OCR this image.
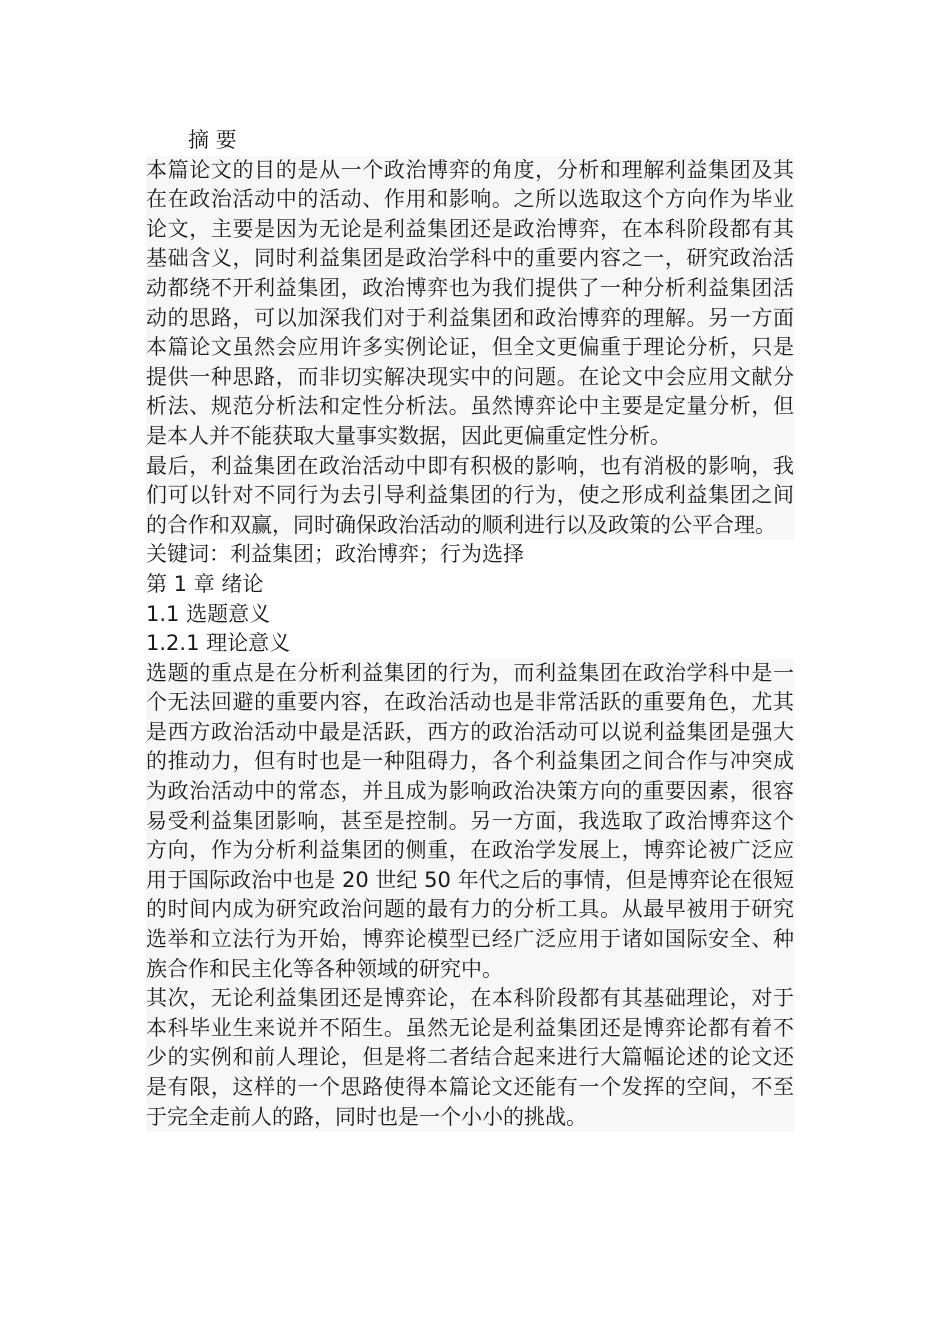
摘 要

本篇论文的目的是从一个政治博弈的角度，分析和理解利益集团及其在在政治活动中的活动、作用和影响。之所以选取这个方向作为毕业论文，主要是因为无论是利益集团还是政治博弈，在本科阶段都有其基础含义，同时利益集团是政治学科中的重要内容之一，研究政治活动都绕不开利益集团，政治博弈也为我们提供了一种分析利益集团活动的思路，可以加深我们对于利益集团和政治博弈的理解。另一方面本篇论文虽然会应用许多实例论证，但全文更偏重于理论分析，只是提供一种思路，而非切实解决现实中的问题。在论文中会应用文献分析法、规范分析法和定性分析法。虽然博弈论中主要是定量分析，但是本人并不能获取大量事实数据，因此更偏重定性分析。

最后，利益集团在政治活动中即有积极的影响，也有消极的影响，我们可以针对不同行为去引导利益集团的行为，使之形成利益集团之间的合作和双赢，同时确保政治活动的顺利进行以及政策的公平合理。

关键词：利益集团；政治博弈；行为选择

第 1 章 绪论

1.1 选题意义

1.2.1 理论意义

选题的重点是在分析利益集团的行为，而利益集团在政治学科中是一个无法回避的重要内容，在政治活动也是非常活跃的重要角色，尤其是西方政治活动中最是活跃，西方的政治活动可以说利益集团是强大的推动力，但有时也是一种阻碍力，各个利益集团之间合作与冲突成为政治活动中的常态，并且成为影响政治决策方向的重要因素，很容易受利益集团影响，甚至是控制。另一方面，我选取了政治博弈这个方向，作为分析利益集团的侧重，在政治学发展上，博弈论被广泛应用于国际政治中也是 20 世纪 50 年代之后的事情，但是博弈论在很短的时间内成为研究政治问题的最有力的分析工具。从最早被用于研究选举和立法行为开始，博弈论模型已经广泛应用于诸如国际安全、种族合作和民主化等各种领域的研究中。

其次，无论利益集团还是博弈论，在本科阶段都有其基础理论，对于本科毕业生来说并不陌生。虽然无论是利益集团还是博弈论都有着不少的实例和前人理论，但是将二者结合起来进行大篇幅论述的论文还是有限，这样的一个思路使得本篇论文还能有一个发挥的空间，不至于完全走前人的路，同时也是一个小小的挑战。
